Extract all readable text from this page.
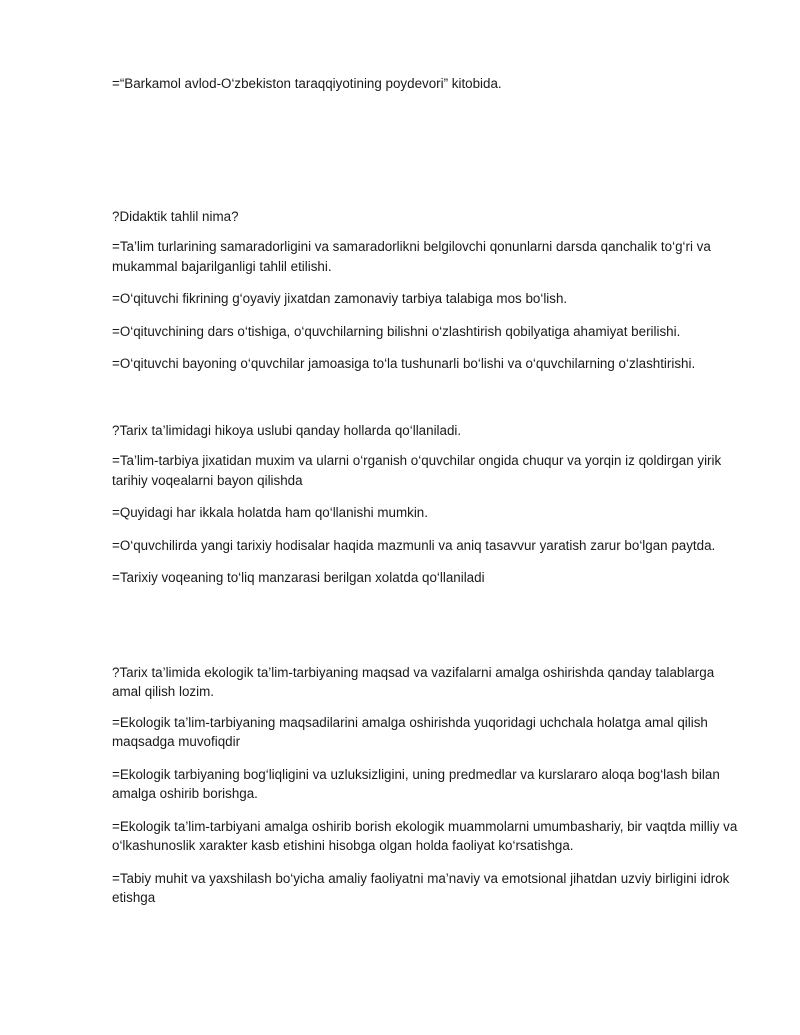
=“Barkamol avlod-O‘zbekiston taraqqiyotining poydevori” kitobida.

?Didaktik tahlil nima?

=Ta’lim turlarining samaradorligini va samaradorlikni belgilovchi qonunlarni darsda qanchalik to‘g‘ri va mukammal bajarilganligi tahlil etilishi.

=O‘qituvchi fikrining g‘oyaviy jixatdan zamonaviy tarbiya talabiga mos bo‘lish.

=O‘qituvchining dars o‘tishiga, o‘quvchilarning bilishni o‘zlashtirish qobilyatiga ahamiyat berilishi.

=O‘qituvchi bayoning o‘quvchilar jamoasiga to‘la tushunarli bo‘lishi va o‘quvchilarning o‘zlashtirishi.

?Tarix ta’limidagi hikoya uslubi qanday hollarda qo‘llaniladi.

=Ta’lim-tarbiya jixatidan muxim va ularni o‘rganish o‘quvchilar ongida chuqur va yorqin iz qoldirgan yirik tarihiy voqealarni bayon qilishda

=Quyidagi har ikkala holatda ham qo‘llanishi mumkin.

=O‘quvchilirda yangi tarixiy hodisalar haqida mazmunli va aniq tasavvur yaratish zarur bo‘lgan paytda.

=Tarixiy voqeaning to‘liq manzarasi berilgan xolatda qo‘llaniladi

?Tarix ta’limida ekologik ta’lim-tarbiyaning maqsad va vazifalarni amalga oshirishda qanday talablarga amal qilish lozim.

=Ekologik ta’lim-tarbiyaning maqsadilarini amalga oshirishda yuqoridagi uchchala holatga amal qilish maqsadga muvofiqdir

=Ekologik tarbiyaning bog‘liqligini va uzluksizligini, uning predmedlar va kurslararo aloqa bog‘lash bilan amalga oshirib borishga.

=Ekologik ta’lim-tarbiyani amalga oshirib borish ekologik muammolarni umumbashariy, bir vaqtda milliy va o‘lkashunoslik xarakter kasb etishini hisobga olgan holda faoliyat ko‘rsatishga.

=Tabiy muhit va yaxshilash bo‘yicha amaliy faoliyatni ma’naviy va emotsional jihatdan uzviy birligini idrok etishga
